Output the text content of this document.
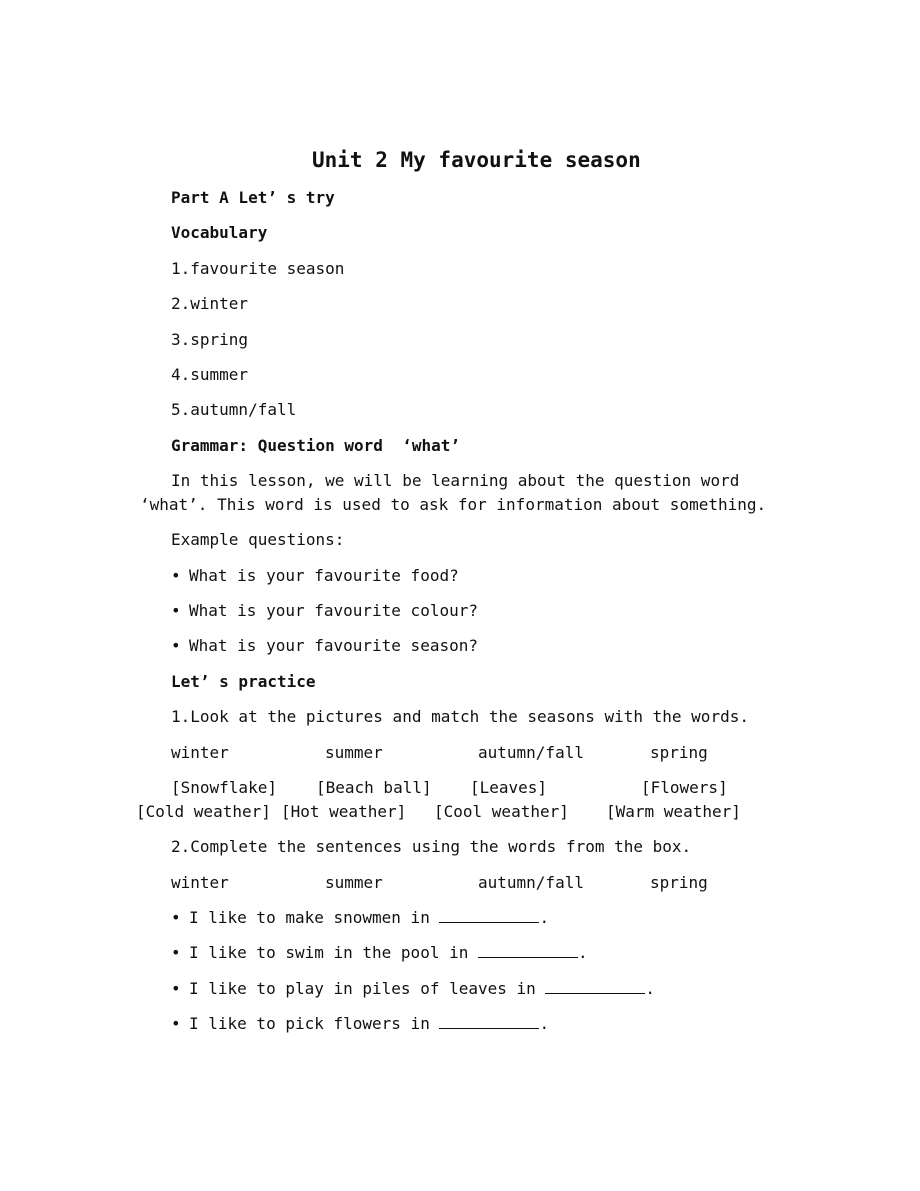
Unit 2 My favourite season
Part A Let’ s try
Vocabulary
1.favourite season
2.winter
3.spring
4.summer
5.autumn/fall
Grammar: Question word  ‘what’
In this lesson, we will be learning about the question word
‘what’. This word is used to ask for information about something.
Example questions:
• What is your favourite food?
• What is your favourite colour?
• What is your favourite season?
Let’ s practice
1.Look at the pictures and match the seasons with the words.
winter	summer	autumn/fall	spring
[Snowflake] [Beach ball] [Leaves]	[Flowers]
[Cold weather] [Hot weather] [Cool weather] [Warm weather]
2.Complete the sentences using the words from the box.
winter	summer	autumn/fall	spring
• I like to make snowmen in	.
• I like to swim in the pool in	.
• I like to play in piles of leaves in	.
• I like to pick flowers in	.
